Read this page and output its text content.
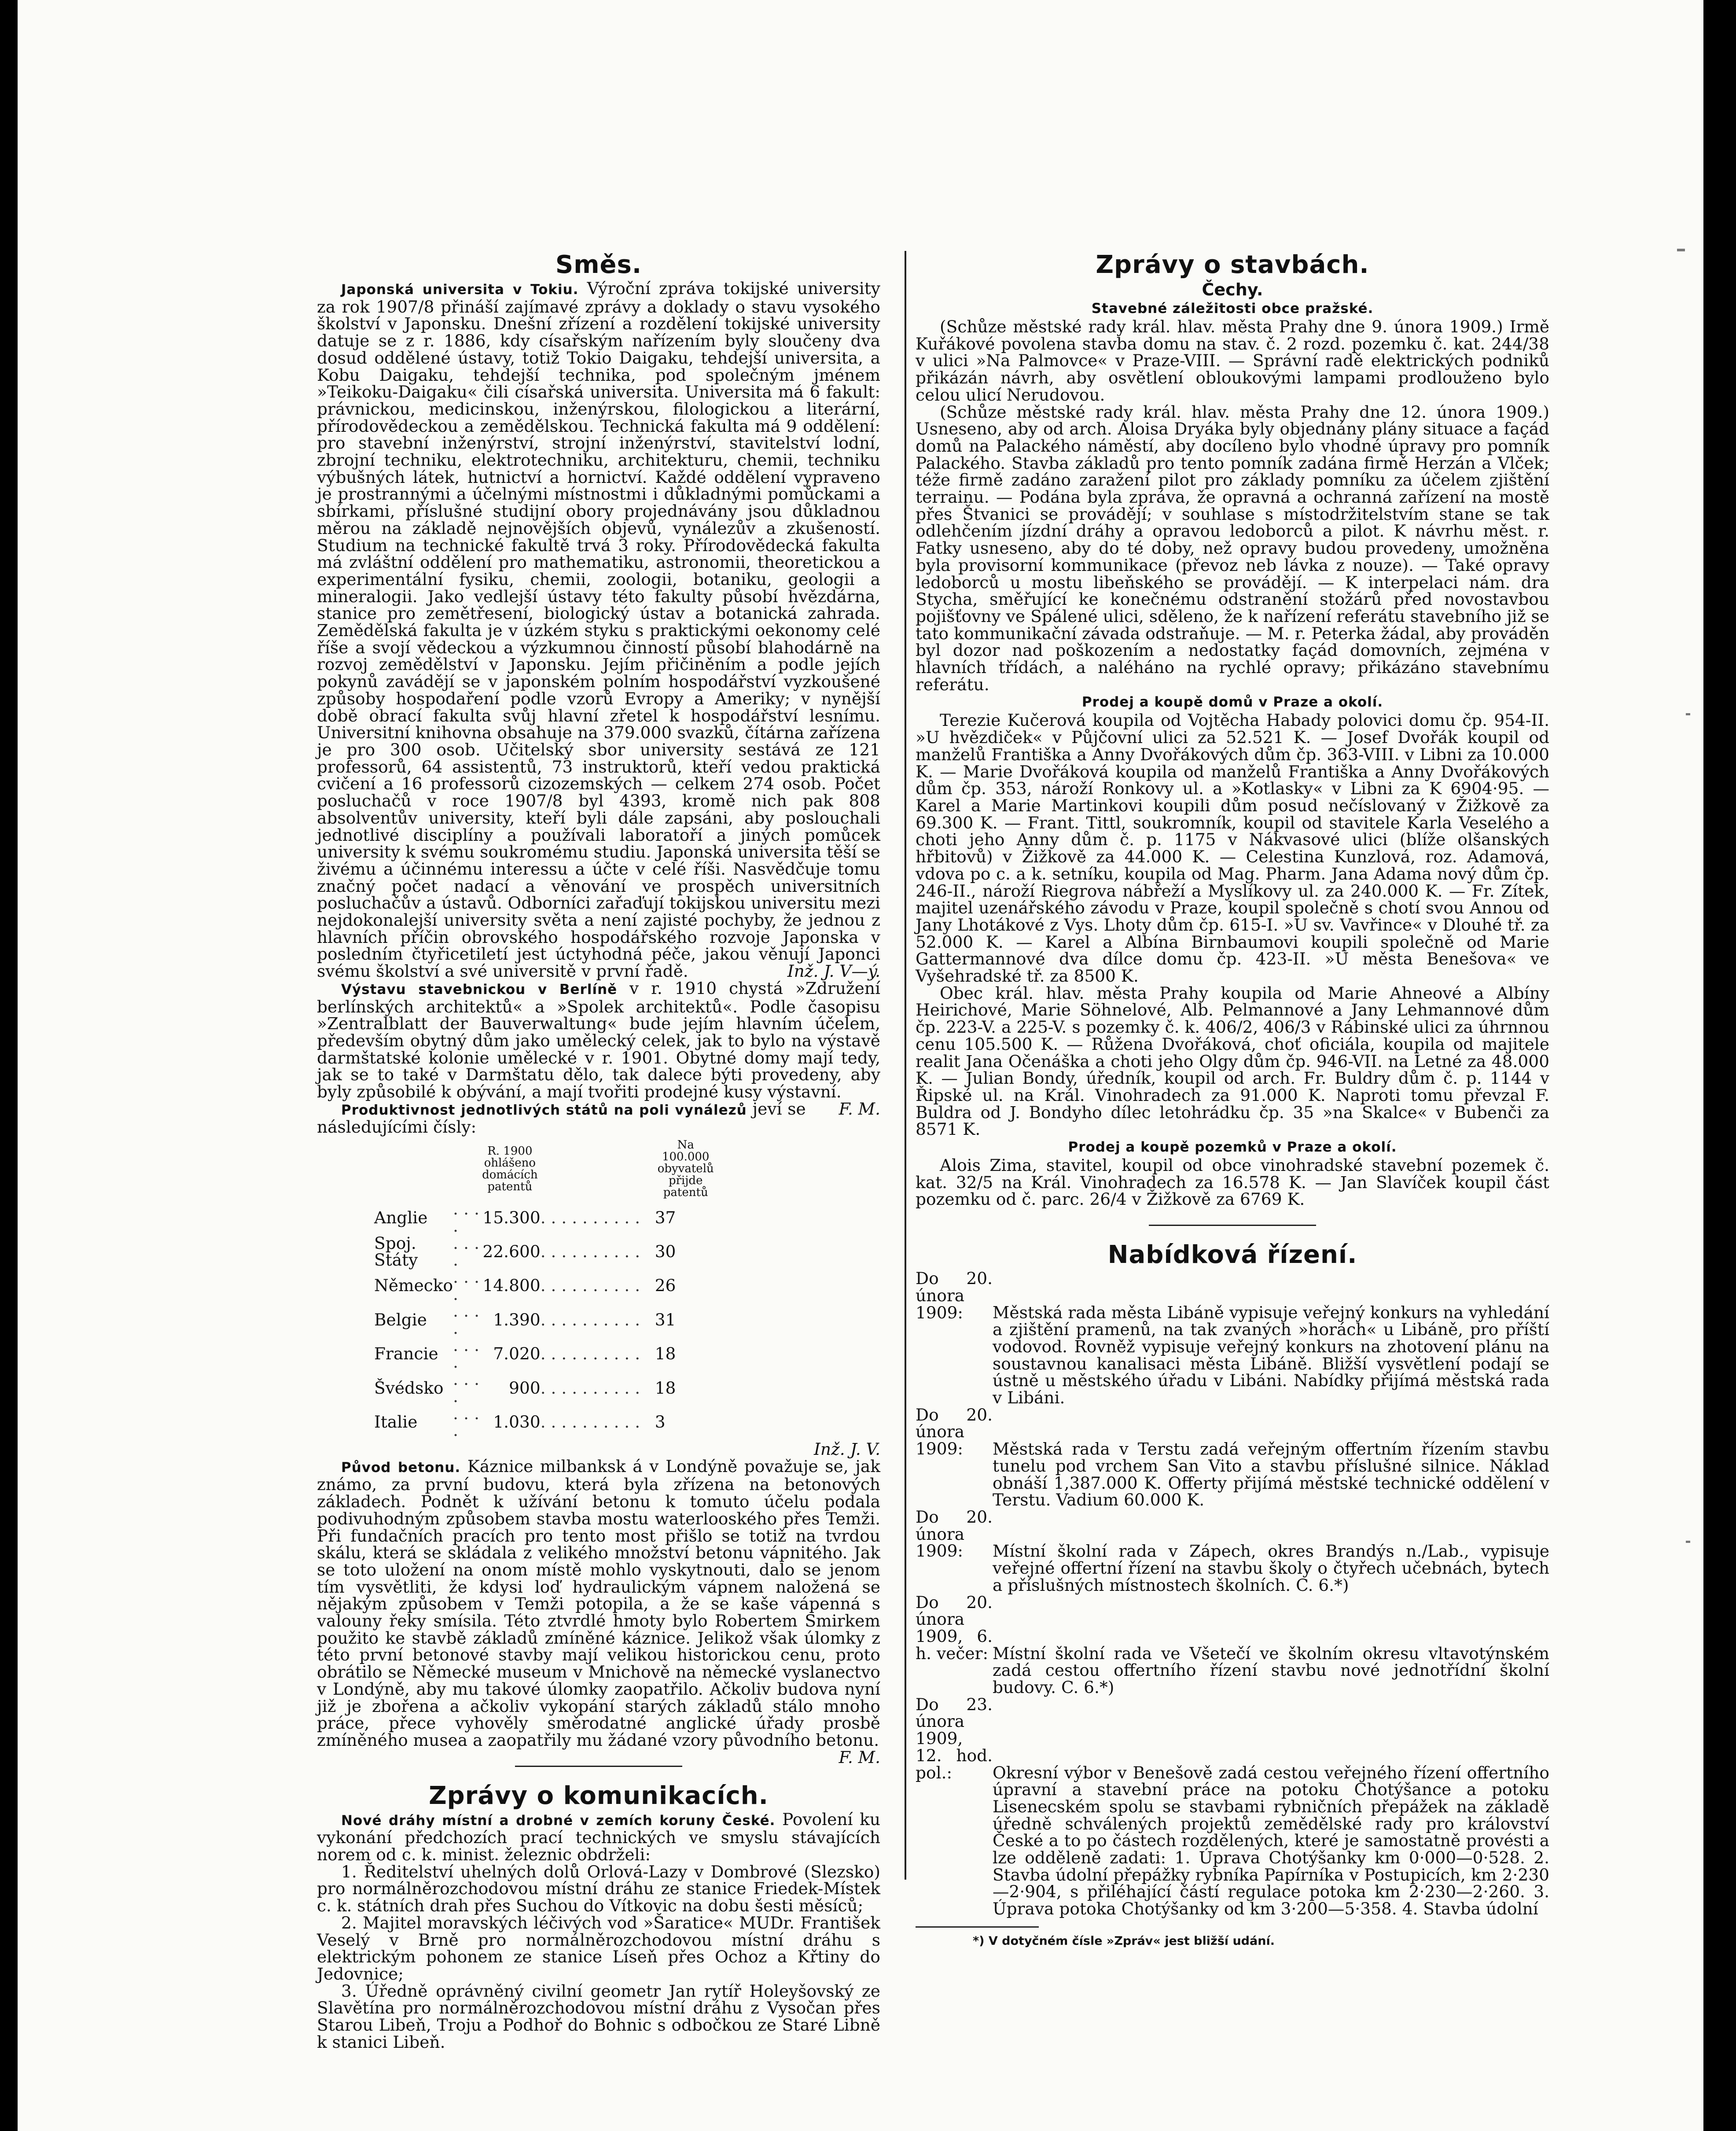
Směs.

Japonská universita v Tokiu. Výroční zpráva tokijské university za rok 1907/8 přináší zajímavé zprávy a doklady o stavu vysokého školství v Japonsku. Dnešní zřízení a rozdělení tokijské university datuje se z r. 1886, kdy císařským nařízením byly sloučeny dva dosud oddělené ústavy, totiž Tokio Daigaku, tehdejší universita, a Kobu Daigaku, tehdejší technika, pod společným jménem »Teikoku-Daigaku« čili císařská universita. Universita má 6 fakult: právnickou, medicinskou, inženýrskou, filologickou a literární, přírodovědeckou a zemědělskou. Technická fakulta má 9 oddělení: pro stavební inženýrství, strojní inženýrství, stavitelství lodní, zbrojní techniku, elektrotechniku, architekturu, chemii, techniku výbušných látek, hutnictví a hornictví. Každé oddělení vypraveno je prostrannými a účelnými místnostmi i důkladnými pomůckami a sbírkami, příslušné studijní obory projednávány jsou důkladnou měrou na základě nejnovějších objevů, vynálezův a zkušeností. Studium na technické fakultě trvá 3 roky. Přírodovědecká fakulta má zvláštní oddělení pro mathematiku, astronomii, theoretickou a experimentální fysiku, chemii, zoologii, botaniku, geologii a mineralogii. Jako vedlejší ústavy této fakulty působí hvězdárna, stanice pro zemětřesení, biologický ústav a botanická zahrada. Zemědělská fakulta je v úzkém styku s praktickými oekonomy celé říše a svojí vědeckou a výzkumnou činností působí blahodárně na rozvoj zemědělství v Japonsku. Jejím přičiněním a podle jejích pokynů zavádějí se v japonském polním hospodářství vyzkoušené způsoby hospodaření podle vzorů Evropy a Ameriky; v nynější době obrací fakulta svůj hlavní zřetel k hospodářství lesnímu. Universitní knihovna obsahuje na 379.000 svazků, čítárna zařízena je pro 300 osob. Učitelský sbor university sestává ze 121 professorů, 64 assistentů, 73 instruktorů, kteří vedou praktická cvičení a 16 professorů cizozemských — celkem 274 osob. Počet posluchačů v roce 1907/8 byl 4393, kromě nich pak 808 absolventův university, kteří byli dále zapsáni, aby poslouchali jednotlivé disciplíny a používali laboratoří a jiných pomůcek university k svému soukromému studiu. Japonská universita těší se živému a účinnému interessu a účte v celé říši. Nasvědčuje tomu značný počet nadací a věnování ve prospěch universitních posluchačův a ústavů. Odborníci zařaďují tokijskou universitu mezi nejdokonalejší university světa a není zajisté pochyby, že jednou z hlavních příčin obrovského hospodářského rozvoje Japonska v posledním čtyřicetiletí jest úctyhodná péče, jakou věnují Japonci svému školství a své universitě v první řadě.	Inž. J. V—ý.

Výstavu stavebnickou v Berlíně v r. 1910 chystá »Združení berlínských architektů« a »Spolek architektů«. Podle časopisu »Zentralblatt der Bauverwaltung« bude jejím hlavním účelem, především obytný dům jako umělecký celek, jak to bylo na výstavě darmštatské kolonie umělecké v r. 1901. Obytné domy mají tedy, jak se to také v Darmštatu dělo, tak dalece býti provedeny, aby byly způsobilé k obývání, a mají tvořiti prodejné kusy výstavní.
F. M.

Produktivnost jednotlivých států na poli vynálezů jeví se následujícími čísly:

		R. 1900 ohlášeno domácích patentů		Na 100.000 obyvatelů přijde patentů
Anglie	. . . .	15.300	. . . . . . . . . .	37
Spoj. Státy	. . . .	22.600	. . . . . . . . . .	30
Německo	. . . .	14.800	. . . . . . . . . .	26
Belgie	. . . .	1.390	. . . . . . . . . .	31
Francie	. . . .	7.020	. . . . . . . . . .	18
Švédsko	. . . .	900	. . . . . . . . . .	18
Italie	. . . .	1.030	. . . . . . . . . .	3

Inž. J. V.

Původ betonu. Káznice milbanksk á v Londýně považuje se, jak známo, za první budovu, která byla zřízena na betonových základech. Podnět k užívání betonu k tomuto účelu podala podivuhodným způsobem stavba mostu waterlooského přes Temži. Při fundačních pracích pro tento most přišlo se totiž na tvrdou skálu, která se skládala z velikého množství betonu vápnitého. Jak se toto uložení na onom místě mohlo vyskytnouti, dalo se jenom tím vysvětliti, že kdysi loď hydraulickým vápnem naložená se nějakým způsobem v Temži potopila, a že se kaše vápenná s valouny řeky smísila. Této ztvrdlé hmoty bylo Robertem Smirkem použito ke stavbě základů zmíněné káznice. Jelikož však úlomky z této první betonové stavby mají velikou historickou cenu, proto obrátilo se Německé museum v Mnichově na německé vyslanectvo v Londýně, aby mu takové úlomky zaopatřilo. Ačkoliv budova nyní již je zbořena a ačkoliv vykopání starých základů stálo mnoho práce, přece vyhověly směrodatné anglické úřady prosbě zmíněného musea a zaopatřily mu žádané vzory původního betonu.
F. M.

Zprávy o komunikacích.

Nové dráhy místní a drobné v zemích koruny České. Povolení ku vykonání předchozích prací technických ve smyslu stávajících norem od c. k. minist. železnic obdrželi:

1. Ředitelství uhelných dolů Orlová-Lazy v Dombrové (Slezsko) pro normálněrozchodovou místní dráhu ze stanice Friedek-Místek c. k. státních drah přes Suchou do Vítkovic na dobu šesti měsíců;

2. Majitel moravských léčivých vod »Šaratice« MUDr. František Veselý v Brně pro normálněrozchodovou místní dráhu s elektrickým pohonem ze stanice Líseň přes Ochoz a Křtiny do Jedovnice;

3. Úředně oprávněný civilní geometr Jan rytíř Holeyšovský ze Slavětína pro normálněrozchodovou místní dráhu z Vysočan přes Starou Libeň, Troju a Podhoř do Bohnic s odbočkou ze Staré Libně k stanici Libeň.

Zprávy o stavbách.
Čechy.
Stavebné záležitosti obce pražské.

(Schůze městské rady král. hlav. města Prahy dne 9. února 1909.) Irmě Kuřákové povolena stavba domu na stav. č. 2 rozd. pozemku č. kat. 244/38 v ulici »Na Palmovce« v Praze-VIII. — Správní radě elektrických podniků přikázán návrh, aby osvětlení obloukovými lampami prodlouženo bylo celou ulicí Nerudovou.

(Schůze městské rady král. hlav. města Prahy dne 12. února 1909.) Usneseno, aby od arch. Aloisa Dryáka byly objednány plány situace a façád domů na Palackého náměstí, aby docíleno bylo vhodné úpravy pro pomník Palackého. Stavba základů pro tento pomník zadána firmě Herzán a Vlček; téže firmě zadáno zaražení pilot pro základy pomníku za účelem zjištění terrainu. — Podána byla zpráva, že opravná a ochranná zařízení na mostě přes Štvanici se provádějí; v souhlase s místodržitelstvím stane se tak odlehčením jízdní dráhy a opravou ledoborců a pilot. K návrhu měst. r. Fatky usneseno, aby do té doby, než opravy budou provedeny, umožněna byla provisorní kommunikace (převoz neb lávka z nouze). — Také opravy ledoborců u mostu libeňského se provádějí. — K interpelaci nám. dra Stycha, směřující ke konečnému odstranění stožárů před novostavbou pojišťovny ve Spálené ulici, sděleno, že k nařízení referátu stavebního již se tato kommunikační závada odstraňuje. — M. r. Peterka žádal, aby prováděn byl dozor nad poškozením a nedostatky façád domovních, zejména v hlavních třídách, a naléháno na rychlé opravy; přikázáno stavebnímu referátu.

Prodej a koupě domů v Praze a okolí.

Terezie Kučerová koupila od Vojtěcha Habady polovici domu čp. 954-II. »U hvězdiček« v Půjčovní ulici za 52.521 K. — Josef Dvořák koupil od manželů Františka a Anny Dvořákových dům čp. 363-VIII. v Libni za 10.000 K. — Marie Dvořáková koupila od manželů Františka a Anny Dvořákových dům čp. 353, nároží Ronkovy ul. a »Kotlasky« v Libni za K 6904·95. — Karel a Marie Martinkovi koupili dům posud nečíslovaný v Žižkově za 69.300 K. — Frant. Tittl, soukromník, koupil od stavitele Karla Veselého a choti jeho Anny dům č. p. 1175 v Nákvasové ulici (blíže olšanských hřbitovů) v Žižkově za 44.000 K. — Celestina Kunzlová, roz. Adamová, vdova po c. a k. setníku, koupila od Mag. Pharm. Jana Adama nový dům čp. 246-II., nároží Riegrova nábřeží a Myslíkovy ul. za 240.000 K. — Fr. Zítek, majitel uzenářského závodu v Praze, koupil společně s chotí svou Annou od Jany Lhotákové z Vys. Lhoty dům čp. 615-I. »U sv. Vavřince« v Dlouhé tř. za 52.000 K. — Karel a Albína Birnbaumovi koupili společně od Marie Gattermannové dva dílce domu čp. 423-II. »U města Benešova« ve Vyšehradské tř. za 8500 K.

Obec král. hlav. města Prahy koupila od Marie Ahneové a Albíny Heirichové, Marie Söhnelové, Alb. Pelmannové a Jany Lehmannové dům čp. 223-V. a 225-V. s pozemky č. k. 406/2, 406/3 v Rábinské ulici za úhrnnou cenu 105.500 K. — Růžena Dvořáková, choť oficiála, koupila od majitele realit Jana Očenáška a choti jeho Olgy dům čp. 946-VII. na Letné za 48.000 K. — Julian Bondy, úředník, koupil od arch. Fr. Buldry dům č. p. 1144 v Řipské ul. na Král. Vinohradech za 91.000 K. Naproti tomu převzal F. Buldra od J. Bondyho dílec letohrádku čp. 35 »na Skalce« v Bubenči za 8571 K.

Prodej a koupě pozemků v Praze a okolí.

Alois Zima, stavitel, koupil od obce vinohradské stavební pozemek č. kat. 32/5 na Král. Vinohradech za 16.578 K. — Jan Slavíček koupil část pozemku od č. parc. 26/4 v Žižkově za 6769 K.

Nabídková řízení.

Do 20. února 1909: Městská rada města Libáně vypisuje veřejný konkurs na vyhledání a zjištění pramenů, na tak zvaných »horách« u Libáně, pro příští vodovod. Rovněž vypisuje veřejný konkurs na zhotovení plánu na soustavnou kanalisaci města Libáně. Bližší vysvětlení podají se ústně u městského úřadu v Libáni. Nabídky přijímá městská rada v Libáni.

Do 20. února 1909: Městská rada v Terstu zadá veřejným offertním řízením stavbu tunelu pod vrchem San Vito a stavbu příslušné silnice. Náklad obnáší 1,387.000 K. Offerty přijímá městské technické oddělení v Terstu. Vadium 60.000 K.

Do 20. února 1909: Místní školní rada v Zápech, okres Brandýs n./Lab., vypisuje veřejné offertní řízení na stavbu školy o čtyřech učebnách, bytech a příslušných místnostech školních. C. 6.*)

Do 20. února 1909, 6. h. večer: Místní školní rada ve Všetečí ve školním okresu vltavotýnském zadá cestou offertního řízení stavbu nové jednotřídní školní budovy. C. 6.*)

Do 23. února 1909, 12. hod. pol.: Okresní výbor v Benešově zadá cestou veřejného řízení offertního úpravní a stavební práce na potoku Chotýšance a potoku Lisenecském spolu se stavbami rybničních přepážek na základě úředně schválených projektů zemědělské rady pro království České a to po částech rozdělených, které je samostatně provésti a lze odděleně zadati: 1. Úprava Chotýšanky km 0·000—0·528. 2. Stavba údolní přepážky rybníka Papírníka v Postupicích, km 2·230—2·904, s přiléhající částí regulace potoka km 2·230—2·260. 3. Úprava potoka Chotýšanky od km 3·200—5·358. 4. Stavba údolní

*) V dotyčném čísle »Zpráv« jest bližší udání.
